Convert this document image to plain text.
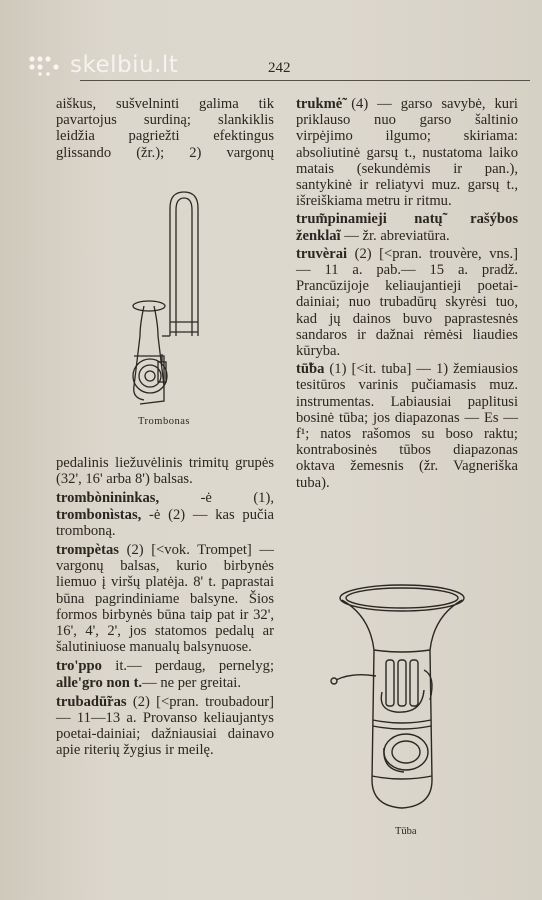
skelbiu.lt	242

aiškus, sušvelninti galima tik

pavartojus surdiną; slankiklis

leidžia pagriežti efektingus

glissando (žr.); 2) vargonų

Trombonas

pedalinis liežuvėlinis trimitų grupės (32', 16' arba 8') balsas.

trombònininkas, -ė (1), trombonìstas, -ė (2) — kas pučia tromboną.

trompètas (2) [<vok. Trompet] — vargonų balsas, kurio birbynės liemuo į viršų platėja. 8' t. paprastai būna pagrindiniame balsyne. Šios formos birbynės būna taip pat ir 32', 16', 4', 2', jos statomos pedalų ar šalutiniuose manualų balsynuose.

tro'ppo it.— perdaug, pernelyg; alle'gro non t.— ne per greitai.

trubadū̃ras (2) [<pran. troubadour] — 11—13 a. Provanso keliaujantys poetai-dainiai; dažniausiai dainavo apie riterių žygius ir meilę.

trukmė̃ (4) — garso savybė, kuri priklauso nuo garso šaltinio virpėjimo ilgumo; skiriama: absoliutinė garsų t., nustatoma laiko matais (sekundėmis ir pan.), santykinė ir reliatyvi muz. garsų t., išreiškiama metru ir ritmu.

trum̃pinamieji natų̃ rašýbos ženklaĩ — žr. abreviatūra.

truvèrai (2) [<pran. trouvère, vns.] — 11 a. pab.— 15 a. pradž. Prancūzijoje keliaujantieji poetai-dainiai; nuo trubadūrų skyrėsi tuo, kad jų dainos buvo paprastesnės sandaros ir dažnai rėmėsi liaudies kūryba.

tū̃ba (1) [<it. tuba] — 1) žemiausios tesitūros varinis pučiamasis muz. instrumentas. Labiausiai paplitusi bosinė tūba; jos diapazonas — Es — f¹; natos rašomos su boso raktu; kontrabosinės tūbos diapazonas oktava žemesnis (žr. Vagneriška tuba).

Tūba
